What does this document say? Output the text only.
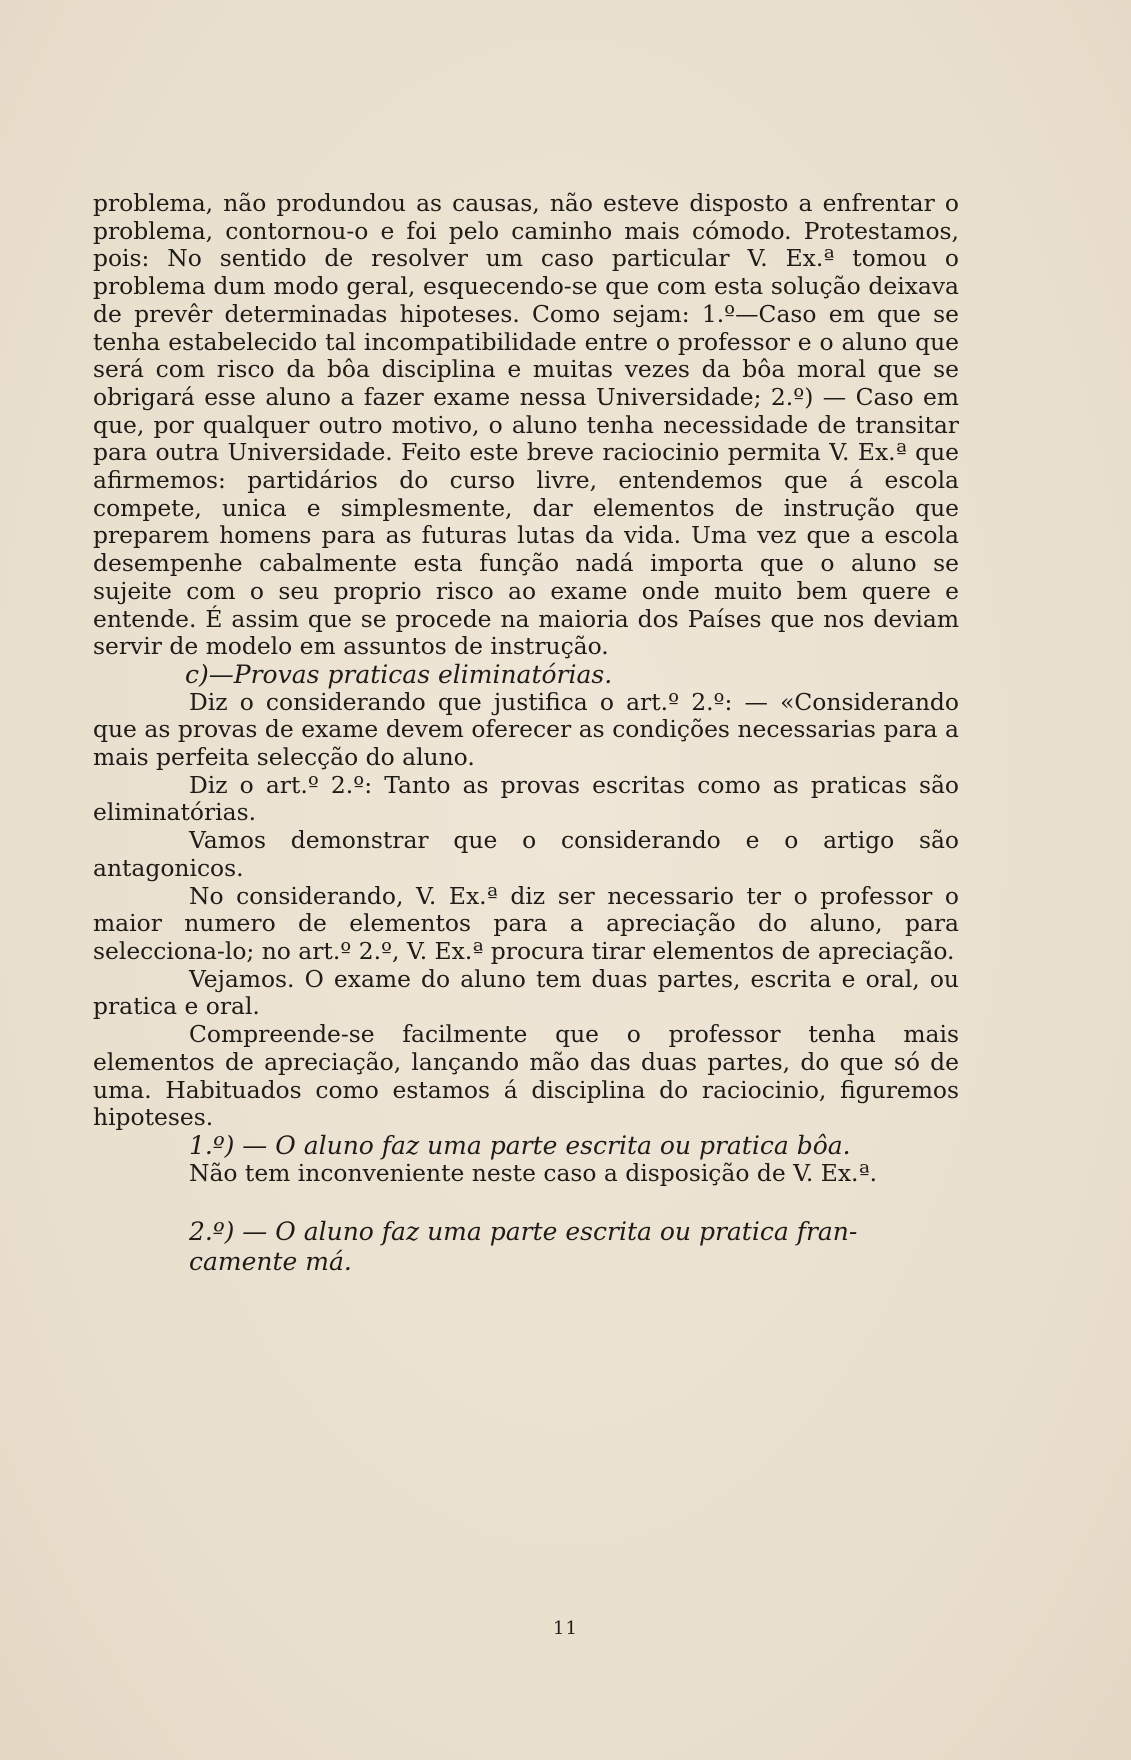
problema, não produndou as causas, não esteve disposto a enfrentar o problema, contornou-o e foi pelo caminho mais cómodo. Protestamos, pois: No sentido de resolver um caso particular V. Ex.ª tomou o problema dum modo geral, esquecendo-se que com esta solução deixava de prevêr determinadas hipoteses. Como sejam: 1.º—Caso em que se tenha estabelecido tal incompatibilidade entre o professor e o aluno que será com risco da bôa disciplina e muitas vezes da bôa moral que se obrigará esse aluno a fazer exame nessa Universidade; 2.º) — Caso em que, por qualquer outro motivo, o aluno tenha necessidade de transitar para outra Universidade. Feito este breve raciocinio permita V. Ex.ª que afirmemos: partidários do curso livre, entendemos que á escola compete, unica e simplesmente, dar elementos de instrução que preparem homens para as futuras lutas da vida. Uma vez que a escola desempenhe cabalmente esta função nadá importa que o aluno se sujeite com o seu proprio risco ao exame onde muito bem quere e entende. É assim que se procede na maioria dos Países que nos deviam servir de modelo em assuntos de instrução.

c)—Provas praticas eliminatórias.

Diz o considerando que justifica o art.º 2.º: — «Considerando que as provas de exame devem oferecer as condições necessarias para a mais perfeita selecção do aluno.

Diz o art.º 2.º: Tanto as provas escritas como as praticas são eliminatórias.

Vamos demonstrar que o considerando e o artigo são antagonicos.

No considerando, V. Ex.ª diz ser necessario ter o professor o maior numero de elementos para a apreciação do aluno, para selecciona-lo; no art.º 2.º, V. Ex.ª procura tirar elementos de apreciação.

Vejamos. O exame do aluno tem duas partes, escrita e oral, ou pratica e oral.

Compreende-se facilmente que o professor tenha mais elementos de apreciação, lançando mão das duas partes, do que só de uma. Habituados como estamos á disciplina do raciocinio, figuremos hipoteses.

1.º) — O aluno faz uma parte escrita ou pratica bôa.

Não tem inconveniente neste caso a disposição de V. Ex.ª.

2.º) — O aluno faz uma parte escrita ou pratica fran-
camente má.
11
